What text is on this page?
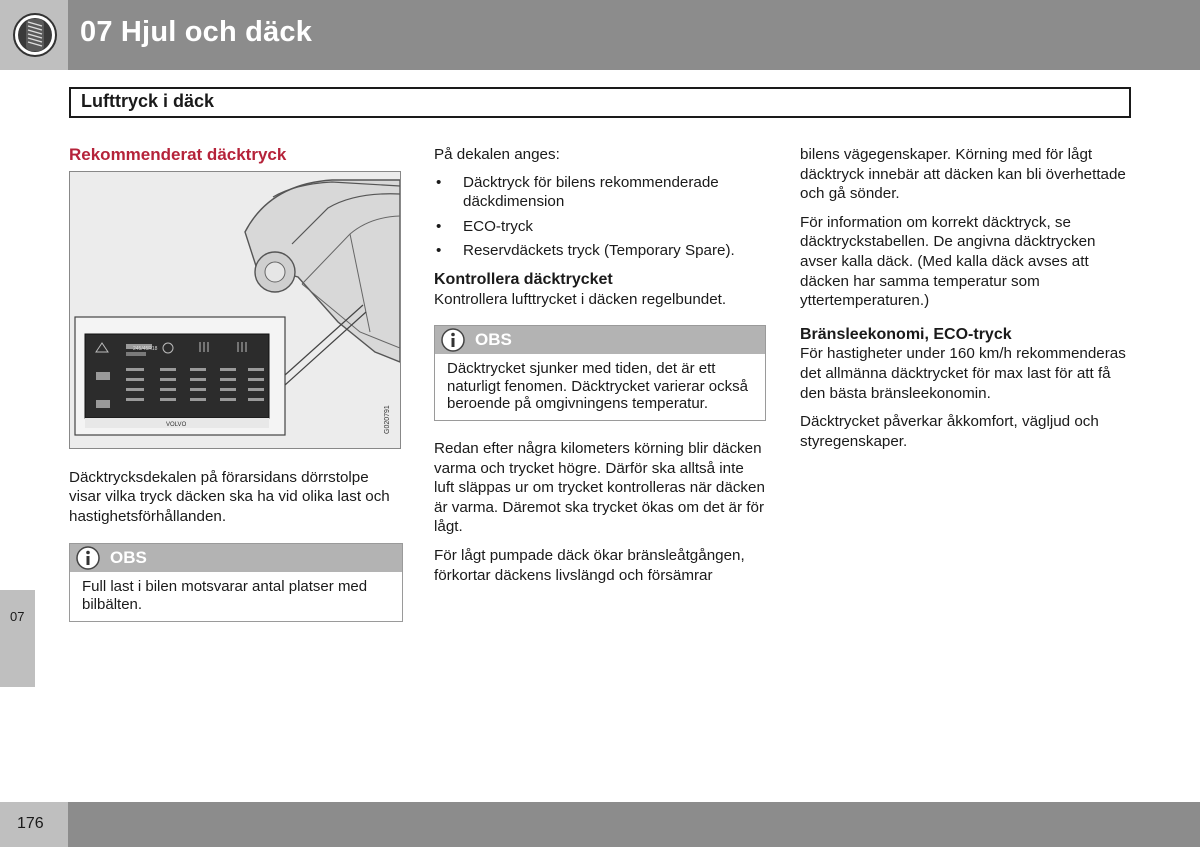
07 Hjul och däck
Lufttryck i däck
07
176
Rekommenderat däcktryck
VOLVO
245/45R18
G020791

Däcktrycksdekalen på förarsidans dörrstolpe visar vilka tryck däcken ska ha vid olika last och hastighetsförhållanden.

OBS
Full last i bilen motsvarar antal platser med bilbälten.

På dekalen anges:

• Däcktryck för bilens rekommenderade däckdimension
• ECO-tryck
• Reservdäckets tryck (Temporary Spare).
Kontrollera däcktrycket

Kontrollera lufttrycket i däcken regelbundet.

OBS
Däcktrycket sjunker med tiden, det är ett naturligt fenomen. Däcktrycket varierar också beroende på omgivningens temperatur.

Redan efter några kilometers körning blir däcken varma och trycket högre. Därför ska alltså inte luft släppas ur om trycket kontrolleras när däcken är varma. Däremot ska trycket ökas om det är för lågt.

För lågt pumpade däck ökar bränsleåtgången, förkortar däckens livslängd och försämrar

bilens vägegenskaper. Körning med för lågt däcktryck innebär att däcken kan bli överhettade och gå sönder.

För information om korrekt däcktryck, se däcktryckstabellen. De angivna däcktrycken avser kalla däck. (Med kalla däck avses att däcken har samma temperatur som yttertemperaturen.)

Bränsleekonomi, ECO-tryck

För hastigheter under 160 km/h rekommenderas det allmänna däcktrycket för max last för att få den bästa bränsleekonomin.

Däcktrycket påverkar åkkomfort, vägljud och styregenskaper.
